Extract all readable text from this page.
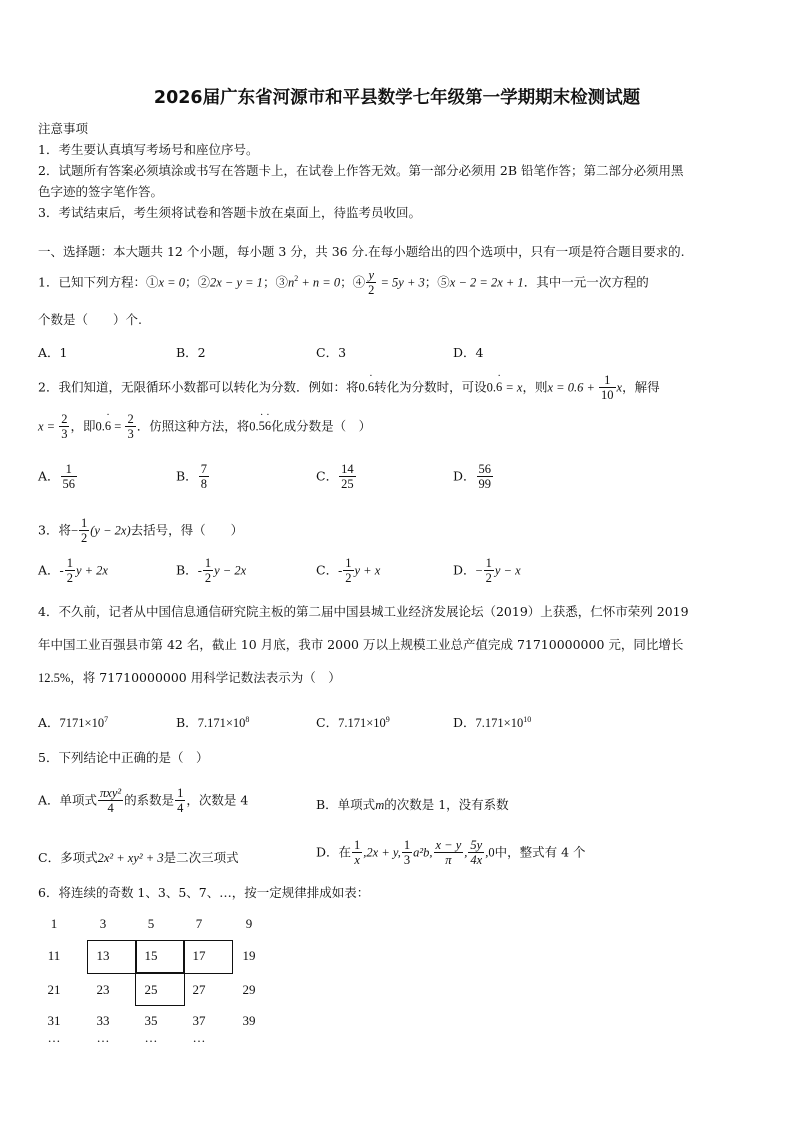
2026届广东省河源市和平县数学七年级第一学期期末检测试题
注意事项
1．考生要认真填写考场号和座位序号。
2．试题所有答案必须填涂或书写在答题卡上，在试卷上作答无效。第一部分必须用 2B 铅笔作答；第二部分必须用黑
色字迹的签字笔作答。
3．考试结束后，考生须将试卷和答题卡放在桌面上，待监考员收回。
一、选择题：本大题共 12 个小题，每小题 3 分，共 36 分.在每小题给出的四个选项中，只有一项是符合题目要求的.
1．已知下列方程：①x = 0；②2x − y = 1；$③n^2 + n = 0$；④ $\frac{y}{2} = 5y + 3$；⑤x − 2 = 2x + 1．其中一元一次方程的
个数是（　　）个.
A．1	B．2	C．3	D．4
2．我们知道，无限循环小数都可以转化为分数．例如：将0.· 6转化为分数时，可设0.· 6 = x，则$x = 0.6 + \frac{1}{10}$ x，解得
$x = \frac{2}{3}$ ，即$0.\cdot 6 = \frac{2}{3}$ ．仿照这种方法，将0.· 5· 6化成分数是（　）
A． $\frac{1}{56}$	B． $\frac{7}{8}$	C． $\frac{14}{25}$	D． $\frac{56}{99}$
3．将− $\frac{1}{2} (y - 2x)$去括号，得（　　）
A．- $\frac{1}{2}$ y + 2x	B．- $\frac{1}{2}$ y − 2x	C．- $\frac{1}{2}$ y + x	D．− $\frac{1}{2}$ y − x
4．不久前，记者从中国信息通信研究院主板的第二届中国县城工业经济发展论坛（2019）上获悉，仁怀市荣列 2019
年中国工业百强县市第 42 名，截止 10 月底，我市 2000 万以上规模工业总产值完成 71710000000 元，同比增长
12.5%，将 71710000000 用科学记数法表示为（　）
A．$7171\times 10^7$	B．$7.171\times 10^8$	C．$7.171\times 10^9$	D．$7.171\times 10^{10}$
5．下列结论中正确的是（　）
A．单项式 $\frac{\text{πxy²}}{4}$ 的系数是 $\frac{1}{4}$ ，次数是 4	B．单项式m的次数是 1，没有系数
C．多项式2x² + xy² + 3是二次三项式	D．在 $\frac{1}{x} ,2x + y$, $\frac{1}{3} a^2b$, $\frac{x - y}{\pi}$ , $\frac{5y}{4x} ,0$中，整式有 4 个
6．将连续的奇数 1、3、5、7、…，按一定规律排成如表：
1	3	5	7	9
11	13	15	17	19
21	23	25	27	29
31	33	35	37	39
…	…	…	…
